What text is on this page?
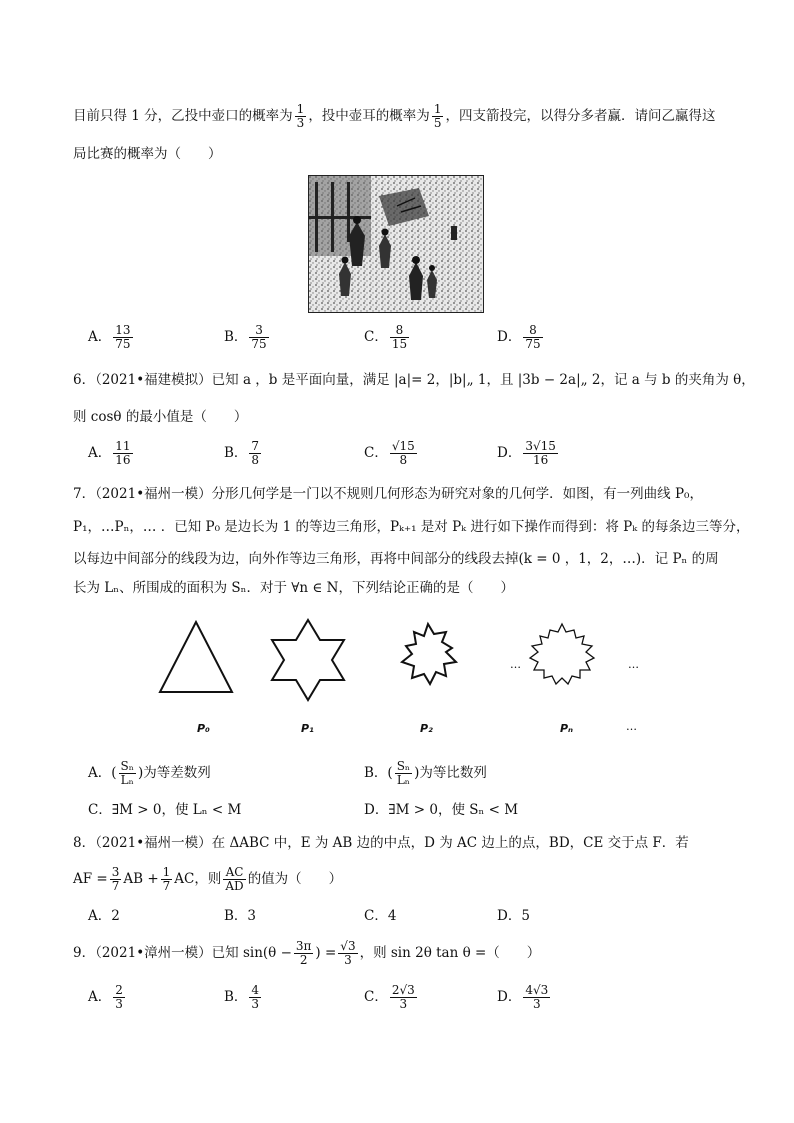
目前只得 1 分，乙投中壶口的概率为 $\frac{1}{3}$ ，投中壶耳的概率为 $\frac{1}{5}$ ，四支箭投完，以得分多者赢．请问乙赢得这
局比赛的概率为（　　）
A． $\frac{13}{75}$	B． $\frac{3}{75}$	C． $\frac{8}{15}$	D． $\frac{8}{75}$
6．（2021•福建模拟）已知 a ，b 是平面向量，满足 |a|= 2，|b|„ 1，且 |3b − 2a|„ 2，记 a 与 b 的夹角为 θ，
则 cosθ 的最小值是（　　）
A． $\frac{11}{16}$	B． $\frac{7}{8}$	C． $\frac{√15}{8}$	D． $\frac{3√15}{16}$
7．（2021•福州一模）分形几何学是一门以不规则几何形态为研究对象的几何学．如图，有一列曲线 P₀，
P₁，…Pₙ，… ．已知 P₀ 是边长为 1 的等边三角形，Pₖ₊₁ 是对 Pₖ 进行如下操作而得到：将 Pₖ 的每条边三等分，
以每边中间部分的线段为边，向外作等边三角形，再将中间部分的线段去掉(k = 0 ，1，2，…)．记 Pₙ 的周
长为 Lₙ、所围成的面积为 Sₙ．对于 ∀n ∈ N，下列结论正确的是（　　）
…	…
…
P₀	P₁	P₂	Pₙ
A．( $\frac{\text{Sₙ}}{\text{Lₙ}}$ )为等差数列	B．( $\frac{\text{Sₙ}}{\text{Lₙ}}$ )为等比数列
C．∃M > 0，使 Lₙ < M	D．∃M > 0，使 Sₙ < M
8．（2021•福州一模）在 ΔABC 中，E 为 AB 边的中点，D 为 AC 边上的点，BD，CE 交于点 F．若
AF = $\frac{3}{7}$ AB + $\frac{1}{7}$ AC，则 $\frac{AC}{AD}$ 的值为（　　）
A．2	B．3	C．4	D．5
9．（2021•漳州一模）已知 $\sin(\theta - \frac{3\pi}{2}$ ) = $\frac{√3}{3}$ ，则 sin 2θ tan θ =（　　）
A． $\frac{2}{3}$	B． $\frac{4}{3}$	C． $\frac{2√3}{3}$	D． $\frac{4√3}{3}$
